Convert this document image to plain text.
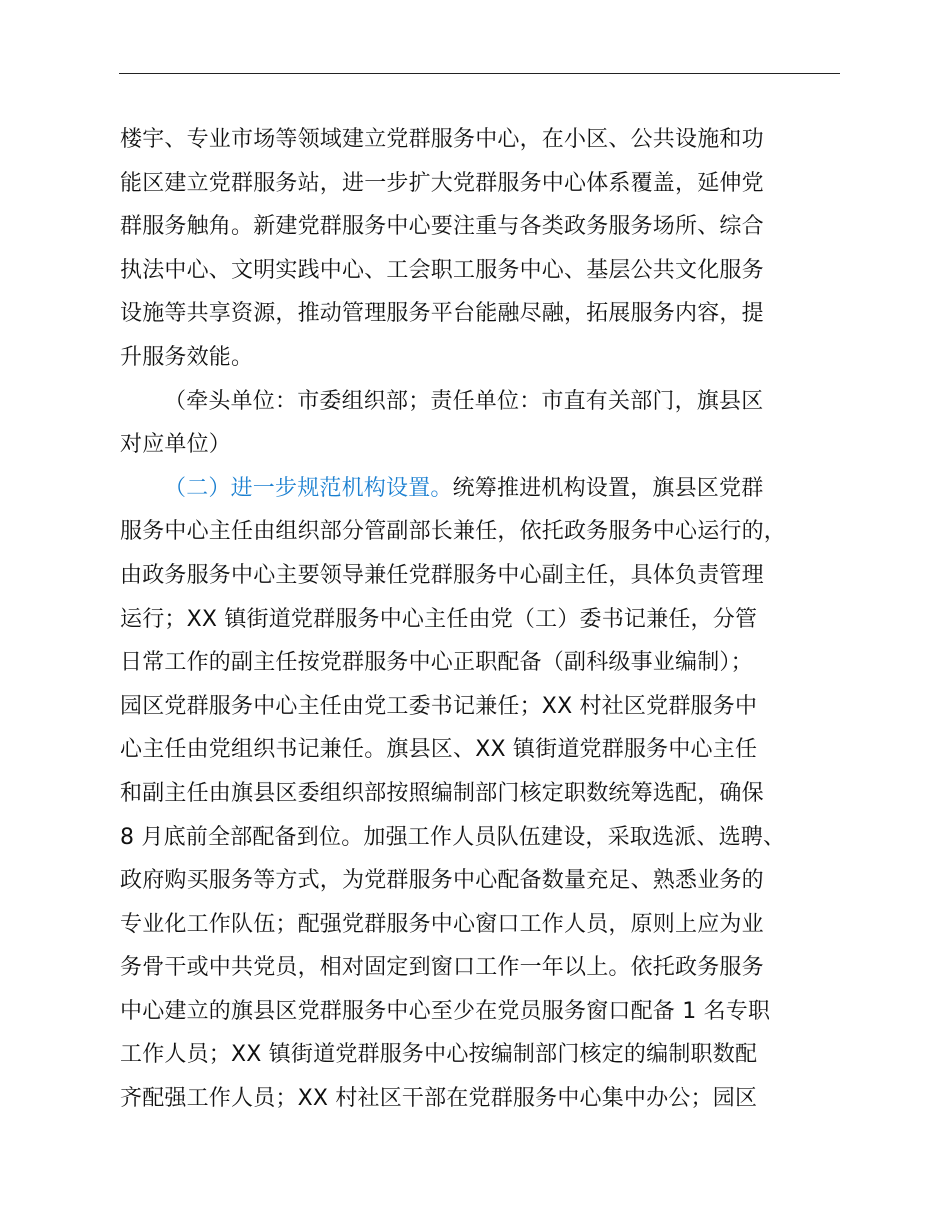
楼宇、专业市场等领域建立党群服务中心，在小区、公共设施和功
能区建立党群服务站，进一步扩大党群服务中心体系覆盖，延伸党
群服务触角。新建党群服务中心要注重与各类政务服务场所、综合
执法中心、文明实践中心、工会职工服务中心、基层公共文化服务
设施等共享资源，推动管理服务平台能融尽融，拓展服务内容，提
升服务效能。
（牵头单位：市委组织部；责任单位：市直有关部门，旗县区
对应单位）
（二）进一步规范机构设置。统筹推进机构设置，旗县区党群
服务中心主任由组织部分管副部长兼任，依托政务服务中心运行的，
由政务服务中心主要领导兼任党群服务中心副主任，具体负责管理
运行；XX 镇街道党群服务中心主任由党（工）委书记兼任，分管
日常工作的副主任按党群服务中心正职配备（副科级事业编制）；
园区党群服务中心主任由党工委书记兼任；XX 村社区党群服务中
心主任由党组织书记兼任。旗县区、XX 镇街道党群服务中心主任
和副主任由旗县区委组织部按照编制部门核定职数统筹选配，确保
8 月底前全部配备到位。加强工作人员队伍建设，采取选派、选聘、
政府购买服务等方式，为党群服务中心配备数量充足、熟悉业务的
专业化工作队伍；配强党群服务中心窗口工作人员，原则上应为业
务骨干或中共党员，相对固定到窗口工作一年以上。依托政务服务
中心建立的旗县区党群服务中心至少在党员服务窗口配备 1 名专职
工作人员；XX 镇街道党群服务中心按编制部门核定的编制职数配
齐配强工作人员；XX 村社区干部在党群服务中心集中办公；园区
